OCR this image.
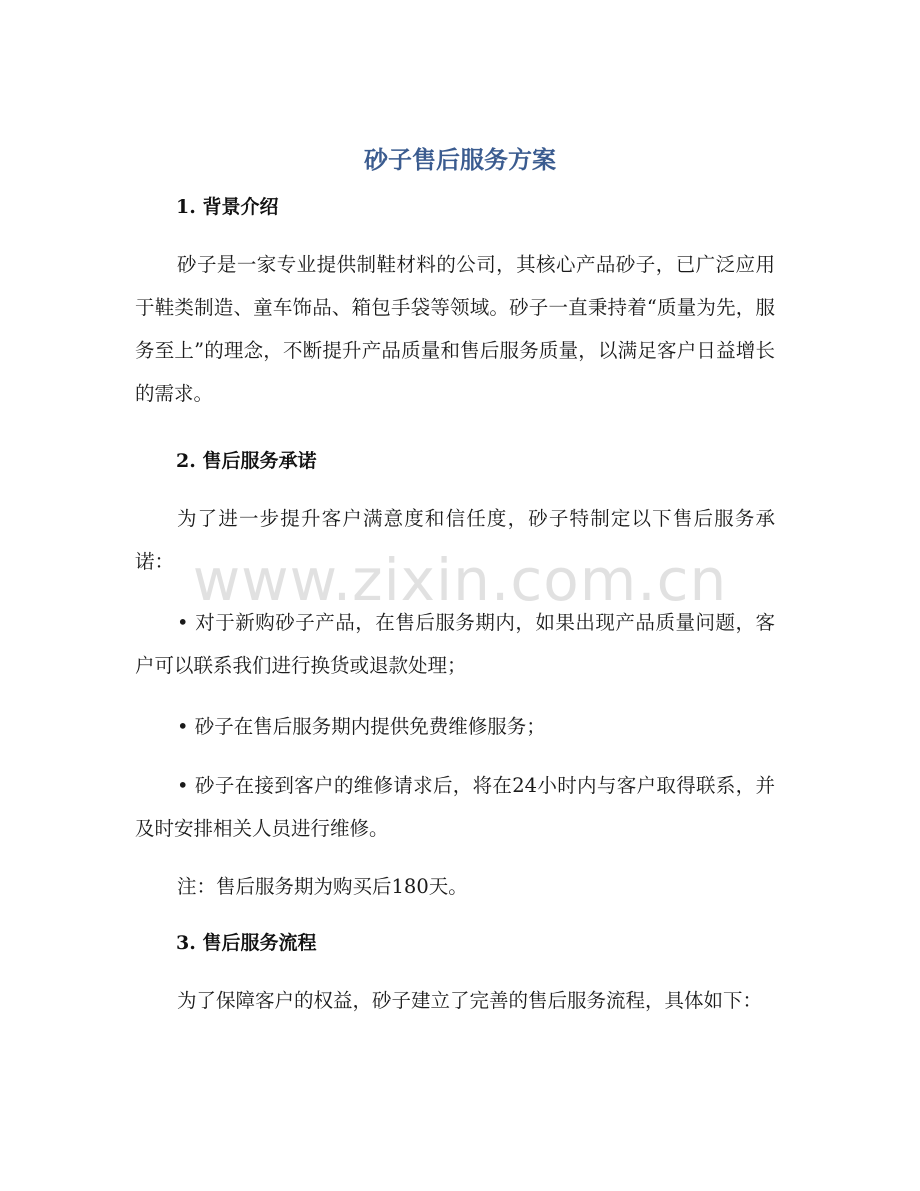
砂子售后服务方案
1. 背景介绍
砂子是一家专业提供制鞋材料的公司，其核心产品砂子，已广泛应用于鞋类制造、童车饰品、箱包手袋等领域。砂子一直秉持着“质量为先，服务至上”的理念，不断提升产品质量和售后服务质量，以满足客户日益增长的需求。
2. 售后服务承诺
为了进一步提升客户满意度和信任度，砂子特制定以下售后服务承诺：
• 对于新购砂子产品，在售后服务期内，如果出现产品质量问题，客户可以联系我们进行换货或退款处理；
• 砂子在售后服务期内提供免费维修服务；
• 砂子在接到客户的维修请求后，将在24小时内与客户取得联系，并及时安排相关人员进行维修。
注：售后服务期为购买后180天。
3. 售后服务流程
为了保障客户的权益，砂子建立了完善的售后服务流程，具体如下：
www.zixin.com.cn
